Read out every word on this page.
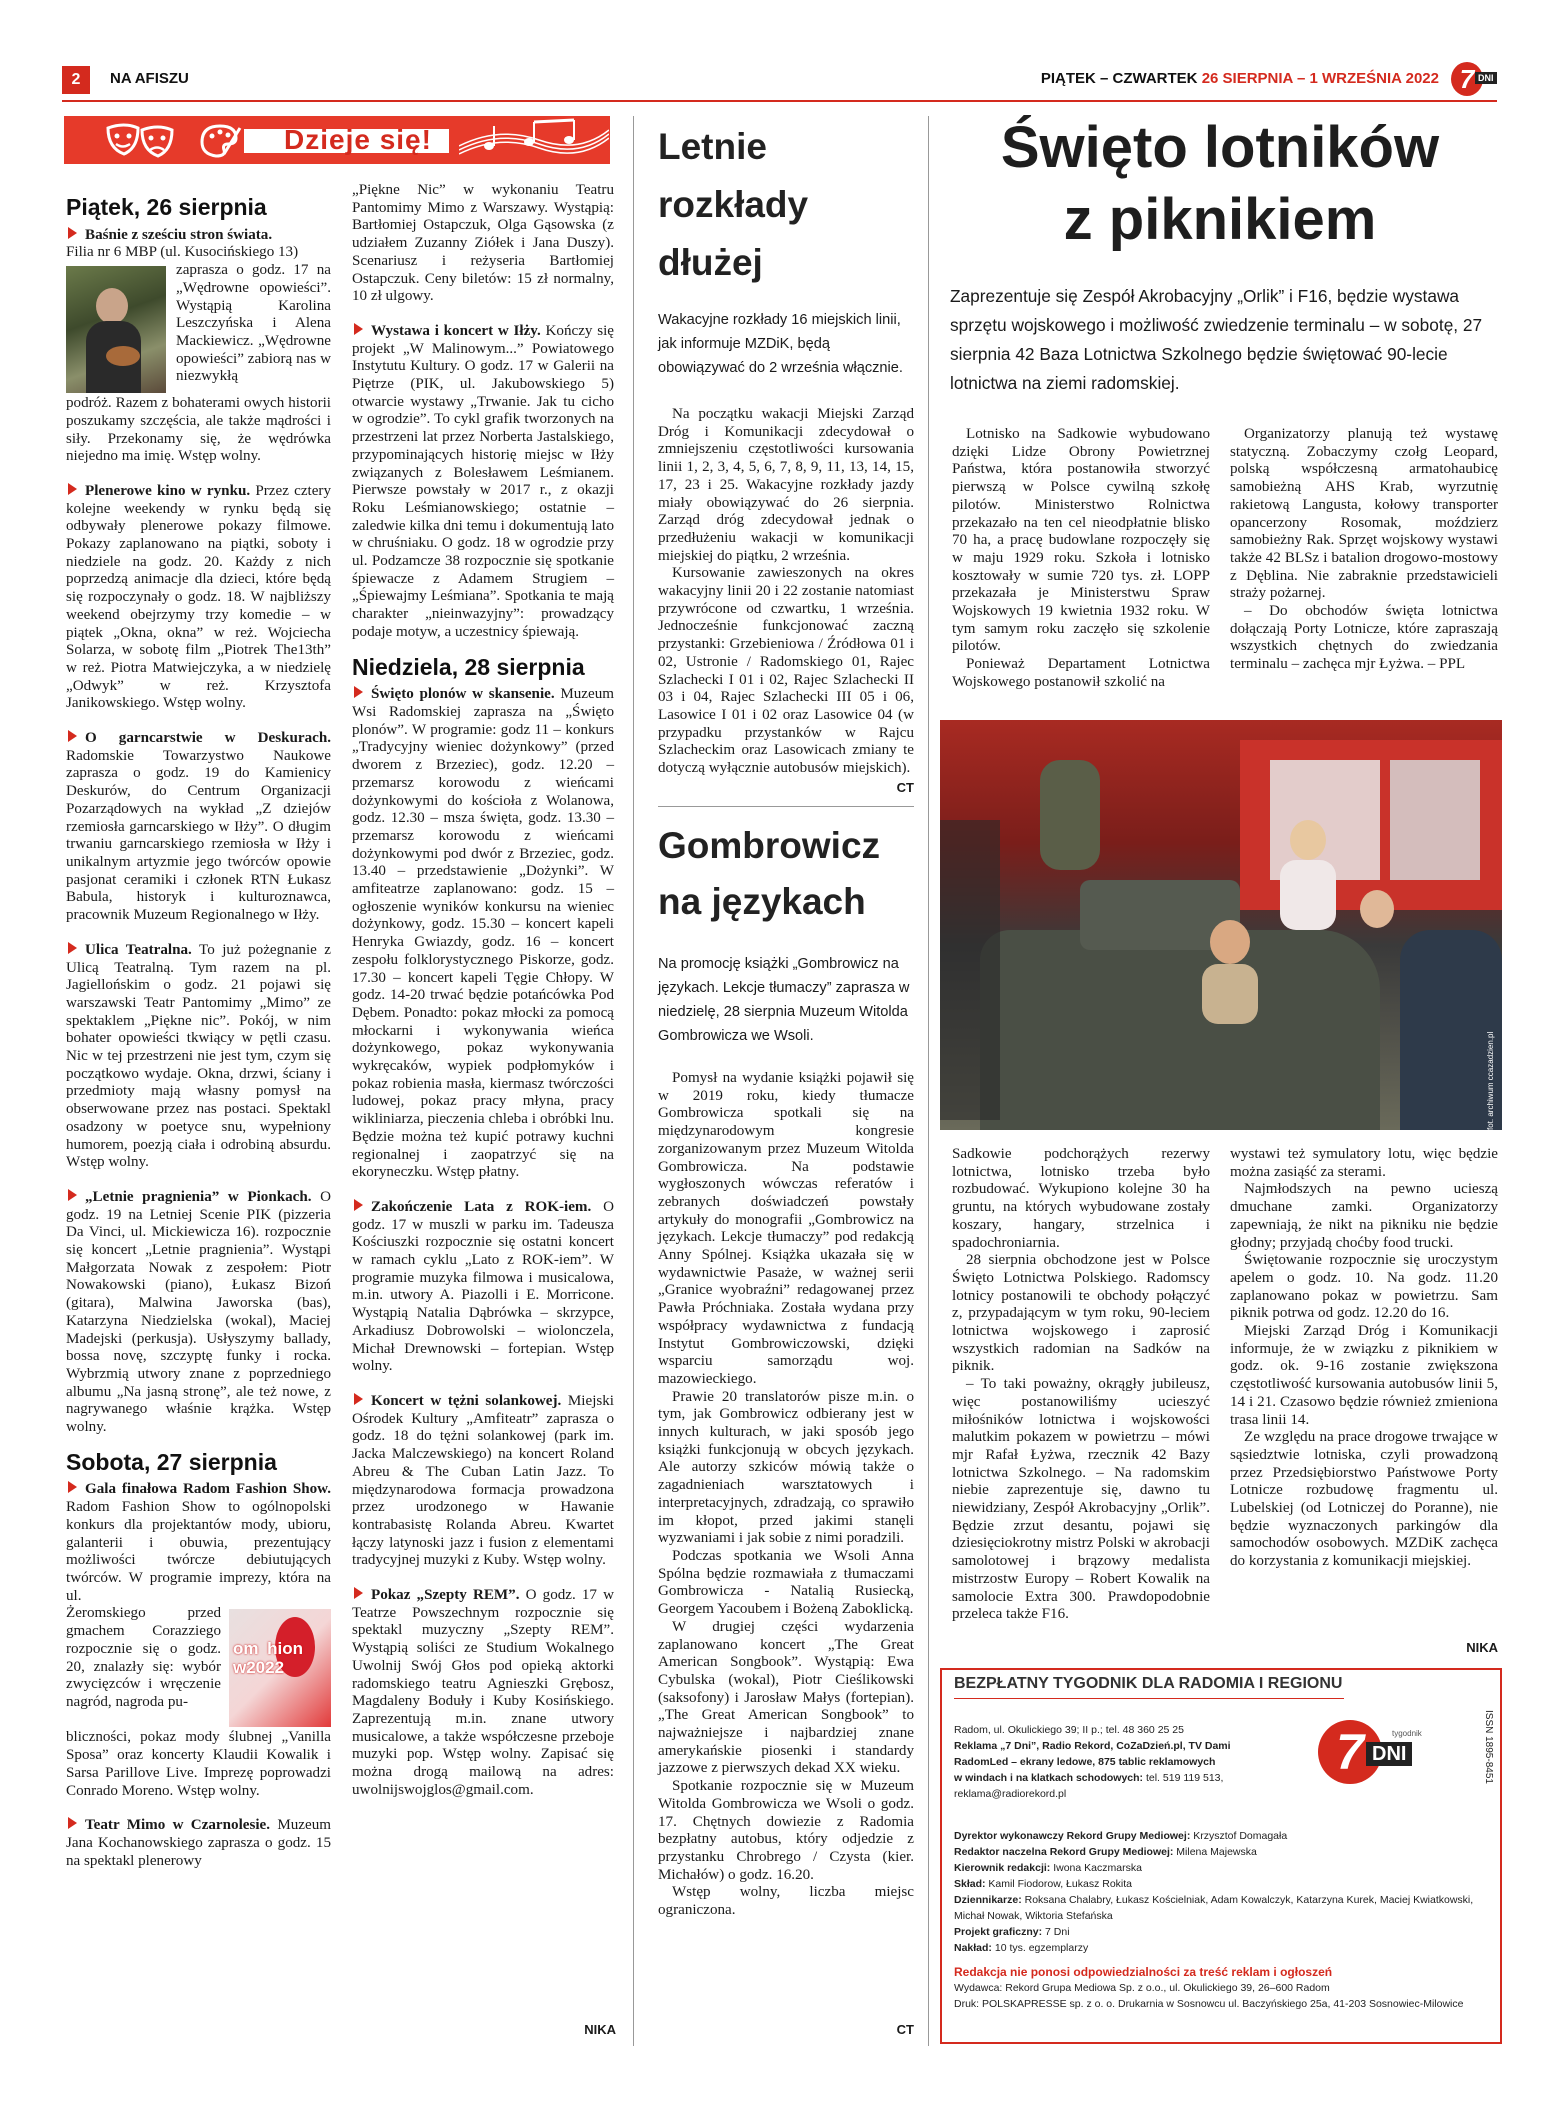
2	NA AFISZU	PIĄTEK – CZWARTEK 26 SIERPNIA – 1 WRZEŚNIA 2022 7 DNI
Dzieje się!
Piątek, 26 sierpnia

Baśnie z sześciu stron świata.

Filia nr 6 MBP (ul. Kusocińskiego 13)

zaprasza o godz. 17 na „Wędrowne opowieści”. Wystąpią Karolina Leszczyńska i Alena Mackiewicz. „Wędrowne opowieści” zabiorą nas w niezwykłą

podróż. Razem z bohaterami owych historii poszukamy szczęścia, ale także mądrości i siły. Przekonamy się, że wędrówka niejedno ma imię. Wstęp wolny.

Plenerowe kino w rynku. Przez cztery kolejne weekendy w rynku będą się odbywały plenerowe pokazy filmowe. Pokazy zaplanowano na piątki, soboty i niedziele na godz. 20. Każdy z nich poprzedzą animacje dla dzieci, które będą się rozpoczynały o godz. 18. W najbliższy weekend obejrzymy trzy komedie – w piątek „Okna, okna” w reż. Wojciecha Solarza, w sobotę film „Piotrek The13th” w reż. Piotra Matwiejczyka, a w niedzielę „Odwyk” w reż. Krzysztofa Janikowskiego. Wstęp wolny.

O garncarstwie w Deskurach. Radomskie Towarzystwo Naukowe zaprasza o godz. 19 do Kamienicy Deskurów, do Centrum Organizacji Pozarządowych na wykład „Z dziejów rzemiosła garncarskiego w Iłży”. O długim trwaniu garncarskiego rzemiosła w Iłży i unikalnym artyzmie jego twórców opowie pasjonat ceramiki i członek RTN Łukasz Babula, historyk i kulturoznawca, pracownik Muzeum Regionalnego w Iłży.

Ulica Teatralna. To już pożegnanie z Ulicą Teatralną. Tym razem na pl. Jagiellońskim o godz. 21 pojawi się warszawski Teatr Pantomimy „Mimo” ze spektaklem „Piękne nic”. Pokój, w nim bohater opowieści tkwiący w pętli czasu. Nic w tej przestrzeni nie jest tym, czym się początkowo wydaje. Okna, drzwi, ściany i przedmioty mają własny pomysł na obserwowane przez nas postaci. Spektakl osadzony w poetyce snu, wypełniony humorem, poezją ciała i odrobiną absurdu. Wstęp wolny.

„Letnie pragnienia” w Pionkach. O godz. 19 na Letniej Scenie PIK (pizzeria Da Vinci, ul. Mickiewicza 16). rozpocznie się koncert „Letnie pragnienia”. Wystąpi Małgorzata Nowak z zespołem: Piotr Nowakowski (piano), Łukasz Bizoń (gitara), Malwina Jaworska (bas), Katarzyna Niedzielska (wokal), Maciej Madejski (perkusja). Usłyszymy ballady, bossa novę, szczyptę funky i rocka. Wybrzmią utwory znane z poprzedniego albumu „Na jasną stronę”, ale też nowe, z nagrywanego właśnie krążka. Wstęp wolny.

Sobota, 27 sierpnia

Gala finałowa Radom Fashion Show. Radom Fashion Show to ogólnopolski konkurs dla projektantów mody, ubioru, galanterii i obuwia, prezentujący możliwości twórcze debiutujących twórców. W programie imprezy, która na ul.

om hion w2022

Żeromskiego przed gmachem Corazziego rozpocznie się o godz. 20, znalazły się: wybór zwycięzców i wręczenie nagród, nagroda pu-

bliczności, pokaz mody ślubnej „Vanilla Sposa” oraz koncerty Klaudii Kowalik i Sarsa Parillove Live. Imprezę poprowadzi Conrado Moreno. Wstęp wolny.

Teatr Mimo w Czarnolesie. Muzeum Jana Kochanowskiego zaprasza o godz. 15 na spektakl plenerowy

„Piękne Nic” w wykonaniu Teatru Pantomimy Mimo z Warszawy. Wystąpią: Bartłomiej Ostapczuk, Olga Gąsowska (z udziałem Zuzanny Ziółek i Jana Duszy). Scenariusz i reżyseria Bartłomiej Ostapczuk. Ceny biletów: 15 zł normalny, 10 zł ulgowy.

Wystawa i koncert w Iłży. Kończy się projekt „W Malinowym...” Powiatowego Instytutu Kultury. O godz. 17 w Galerii na Piętrze (PIK, ul. Jakubowskiego 5) otwarcie wystawy „Trwanie. Jak tu cicho w ogrodzie”. To cykl grafik tworzonych na przestrzeni lat przez Norberta Jastalskiego, przypominających historię miejsc w Iłży związanych z Bolesławem Leśmianem. Pierwsze powstały w 2017 r., z okazji Roku Leśmianowskiego; ostatnie – zaledwie kilka dni temu i dokumentują lato w chruśniaku. O godz. 18 w ogrodzie przy ul. Podzamcze 38 rozpocznie się spotkanie śpiewacze z Adamem Strugiem – „Śpiewajmy Leśmiana”. Spotkania te mają charakter „nieinwazyjny”: prowadzący podaje motyw, a uczestnicy śpiewają.

Niedziela, 28 sierpnia

Święto plonów w skansenie. Muzeum Wsi Radomskiej zaprasza na „Święto plonów”. W programie: godz 11 – konkurs „Tradycyjny wieniec dożynkowy” (przed dworem z Brzeziec), godz. 12.20 – przemarsz korowodu z wieńcami dożynkowymi do kościoła z Wolanowa, godz. 12.30 – msza święta, godz. 13.30 – przemarsz korowodu z wieńcami dożynkowymi pod dwór z Brzeziec, godz. 13.40 – przedstawienie „Dożynki”. W amfiteatrze zaplanowano: godz. 15 – ogłoszenie wyników konkursu na wieniec dożynkowy, godz. 15.30 – koncert kapeli Henryka Gwiazdy, godz. 16 – koncert zespołu folklorystycznego Piskorze, godz. 17.30 – koncert kapeli Tęgie Chłopy. W godz. 14-20 trwać będzie potańcówka Pod Dębem. Ponadto: pokaz młocki za pomocą młockarni i wykonywania wieńca dożynkowego, pokaz wykonywania wykręcaków, wypiek podpłomyków i pokaz robienia masła, kiermasz twórczości ludowej, pokaz pracy młyna, pracy wikliniarza, pieczenia chleba i obróbki lnu. Będzie można też kupić potrawy kuchni regionalnej i zaopatrzyć się na ekoryneczku. Wstęp płatny.

Zakończenie Lata z ROK-iem. O godz. 17 w muszli w parku im. Tadeusza Kościuszki rozpocznie się ostatni koncert w ramach cyklu „Lato z ROK-iem”. W programie muzyka filmowa i musicalowa, m.in. utwory A. Piazolli i E. Morricone. Wystąpią Natalia Dąbrówka – skrzypce, Arkadiusz Dobrowolski – wiolonczela, Michał Drewnowski – fortepian. Wstęp wolny.

Koncert w tężni solankowej. Miejski Ośrodek Kultury „Amfiteatr” zaprasza o godz. 18 do tężni solankowej (park im. Jacka Malczewskiego) na koncert Roland Abreu & The Cuban Latin Jazz. To międzynarodowa formacja prowadzona przez urodzonego w Hawanie kontrabasistę Rolanda Abreu. Kwartet łączy latynoski jazz i fusion z elementami tradycyjnej muzyki z Kuby. Wstęp wolny.

Pokaz „Szepty REM”. O godz. 17 w Teatrze Powszechnym rozpocznie się spektakl muzyczny „Szepty REM”. Wystąpią soliści ze Studium Wokalnego Uwolnij Swój Głos pod opieką aktorki radomskiego teatru Agnieszki Grębosz, Magdaleny Boduły i Kuby Kosińskiego. Zaprezentują m.in. znane utwory musicalowe, a także współczesne przeboje muzyki pop. Wstęp wolny. Zapisać się można drogą mailową na adres: uwolnijswojglos@gmail.com.

NIKA
Letnie rozkłady dłużej
Wakacyjne rozkłady 16 miejskich linii, jak informuje MZDiK, będą obowiązywać do 2 września włącznie.

Na początku wakacji Miejski Zarząd Dróg i Komunikacji zdecydował o zmniejszeniu częstotliwości kursowania linii 1, 2, 3, 4, 5, 6, 7, 8, 9, 11, 13, 14, 15, 17, 23 i 25. Wakacyjne rozkłady jazdy miały obowiązywać do 26 sierpnia. Zarząd dróg zdecydował jednak o przedłużeniu wakacji w komunikacji miejskiej do piątku, 2 września.

Kursowanie zawieszonych na okres wakacyjny linii 20 i 22 zostanie natomiast przywrócone od czwartku, 1 września. Jednocześnie funkcjonować zaczną przystanki: Grzebieniowa / Źródłowa 01 i 02, Ustronie / Radomskiego 01, Rajec Szlachecki I 01 i 02, Rajec Szlachecki II 03 i 04, Rajec Szlachecki III 05 i 06, Lasowice I 01 i 02 oraz Lasowice 04 (w przypadku przystanków w Rajcu Szlacheckim oraz Lasowicach zmiany te dotyczą wyłącznie autobusów miejskich).

CT
Gombrowicz na językach
Na promocję książki „Gombrowicz na językach. Lekcje tłumaczy” zaprasza w niedzielę, 28 sierpnia Muzeum Witolda Gombrowicza we Wsoli.

Pomysł na wydanie książki pojawił się w 2019 roku, kiedy tłumacze Gombrowicza spotkali się na międzynarodowym kongresie zorganizowanym przez Muzeum Witolda Gombrowicza. Na podstawie wygłoszonych wówczas referatów i zebranych doświadczeń powstały artykuły do monografii „Gombrowicz na językach. Lekcje tłumaczy” pod redakcją Anny Spólnej. Książka ukazała się w wydawnictwie Pasaże, w ważnej serii „Granice wyobraźni” redagowanej przez Pawła Próchniaka. Została wydana przy współpracy wydawnictwa z fundacją Instytut Gombrowiczowski, dzięki wsparciu samorządu woj. mazowieckiego.

Prawie 20 translatorów pisze m.in. o tym, jak Gombrowicz odbierany jest w innych kulturach, w jaki sposób jego książki funkcjonują w obcych językach. Ale autorzy szkiców mówią także o zagadnieniach warsztatowych i interpretacyjnych, zdradzają, co sprawiło im kłopot, przed jakimi stanęli wyzwaniami i jak sobie z nimi poradzili.

Podczas spotkania we Wsoli Anna Spólna będzie rozmawiała z tłumaczami Gombrowicza - Natalią Rusiecką, Georgem Yacoubem i Bożeną Zaboklicką.

W drugiej części wydarzenia zaplanowano koncert „The Great American Songbook”. Wystąpią: Ewa Cybulska (wokal), Piotr Cieślikowski (saksofony) i Jarosław Małys (fortepian). „The Great American Songbook” to najważniejsze i najbardziej znane amerykańskie piosenki i standardy jazzowe z pierwszych dekad XX wieku.

Spotkanie rozpocznie się w Muzeum Witolda Gombrowicza we Wsoli o godz. 17. Chętnych dowiezie z Radomia bezpłatny autobus, który odjedzie z przystanku Chrobrego / Czysta (kier. Michałów) o godz. 16.20.

Wstęp wolny, liczba miejsc ograniczona.

CT
Święto lotników
z piknikiem
Zaprezentuje się Zespół Akrobacyjny „Orlik” i F16, będzie wystawa sprzętu wojskowego i możliwość zwiedzenie terminalu – w sobotę, 27 sierpnia 42 Baza Lotnictwa Szkolnego będzie świętować 90-lecie lotnictwa na ziemi radomskiej.

Lotnisko na Sadkowie wybudowano dzięki Lidze Obrony Powietrznej Państwa, która postanowiła stworzyć pierwszą w Polsce cywilną szkołę pilotów. Ministerstwo Rolnictwa przekazało na ten cel nieodpłatnie blisko 70 ha, a pracę budowlane rozpoczęły się w maju 1929 roku. Szkoła i lotnisko kosztowały w sumie 720 tys. zł. LOPP przekazała je Ministerstwu Spraw Wojskowych 19 kwietnia 1932 roku. W tym samym roku zaczęło się szkolenie pilotów.

Ponieważ Departament Lotnictwa Wojskowego postanowił szkolić na

Organizatorzy planują też wystawę statyczną. Zobaczymy czołg Leopard, polską współczesną armatohaubicę samobieżną AHS Krab, wyrzutnię rakietową Langusta, kołowy transporter opancerzony Rosomak, moździerz samobieżny Rak. Sprzęt wojskowy wystawi także 42 BLSz i batalion drogowo-mostowy z Dęblina. Nie zabraknie przedstawicieli straży pożarnej.

– Do obchodów święta lotnictwa dołączają Porty Lotnicze, które zapraszają wszystkich chętnych do zwiedzania terminalu – zachęca mjr Łyżwa. – PPL

fot. archiwum ccazadzien.pl

Sadkowie podchorążych rezerwy lotnictwa, lotnisko trzeba było rozbudować. Wykupiono kolejne 30 ha gruntu, na których wybudowane zostały koszary, hangary, strzelnica i spadochroniarnia.

28 sierpnia obchodzone jest w Polsce Święto Lotnictwa Polskiego. Radomscy lotnicy postanowili te obchody połączyć z, przypadającym w tym roku, 90-leciem lotnictwa wojskowego i zaprosić wszystkich radomian na Sadków na piknik.

– To taki poważny, okrągły jubileusz, więc postanowiliśmy ucieszyć miłośników lotnictwa i wojskowości malutkim pokazem w powietrzu – mówi mjr Rafał Łyżwa, rzecznik 42 Bazy lotnictwa Szkolnego. – Na radomskim niebie zaprezentuje się, dawno tu niewidziany, Zespół Akrobacyjny „Orlik”. Będzie zrzut desantu, pojawi się dziesięciokrotny mistrz Polski w akrobacji samolotowej i brązowy medalista mistrzostw Europy – Robert Kowalik na samolocie Extra 300. Prawdopodobnie przeleca także F16.

wystawi też symulatory lotu, więc będzie można zasiąść za sterami.

Najmłodszych na pewno ucieszą dmuchane zamki. Organizatorzy zapewniają, że nikt na pikniku nie będzie głodny; przyjadą choćby food trucki.

Świętowanie rozpocznie się uroczystym apelem o godz. 10. Na godz. 11.20 zaplanowano pokaz w powietrzu. Sam piknik potrwa od godz. 12.20 do 16.

Miejski Zarząd Dróg i Komunikacji informuje, że w związku z piknikiem w godz. ok. 9-16 zostanie zwiększona częstotliwość kursowania autobusów linii 5, 14 i 21. Czasowo będzie również zmieniona trasa linii 14.

Ze względu na prace drogowe trwające w sąsiedztwie lotniska, czyli prowadzoną przez Przedsiębiorstwo Państwowe Porty Lotnicze rozbudowę fragmentu ul. Lubelskiej (od Lotniczej do Poranne), nie będzie wyznaczonych parkingów dla samochodów osobowych. MZDiK zachęca do korzystania z komunikacji miejskiej.

NIKA
BEZPŁATNY TYGODNIK DLA RADOMIA I REGIONU
Radom, ul. Okulickiego 39; II p.; tel. 48 360 25 25
Reklama „7 Dni”, Radio Rekord, CoZaDzień.pl, TV Dami
RadomLed – ekrany ledowe, 875 tablic reklamowych
w windach i na klatkach schodowych: tel. 519 119 513,
reklama@radiorekord.pl
7	tygodnik
DNI	ISSN 1895-8451
Dyrektor wykonawczy Rekord Grupy Mediowej: Krzysztof Domagała
Redaktor naczelna Rekord Grupy Mediowej: Milena Majewska
Kierownik redakcji: Iwona Kaczmarska
Skład: Kamil Fiodorow, Łukasz Rokita
Dziennikarze: Roksana Chalabry, Łukasz Kościelniak, Adam Kowalczyk, Katarzyna Kurek, Maciej Kwiatkowski, Michał Nowak, Wiktoria Stefańska
Projekt graficzny: 7 Dni
Nakład: 10 tys. egzemplarzy
Redakcja nie ponosi odpowiedzialności za treść reklam i ogłoszeń
Wydawca: Rekord Grupa Mediowa Sp. z o.o., ul. Okulickiego 39, 26–600 Radom
Druk: POLSKAPRESSE sp. z o. o. Drukarnia w Sosnowcu ul. Baczyńskiego 25a, 41-203 Sosnowiec-Milowice
